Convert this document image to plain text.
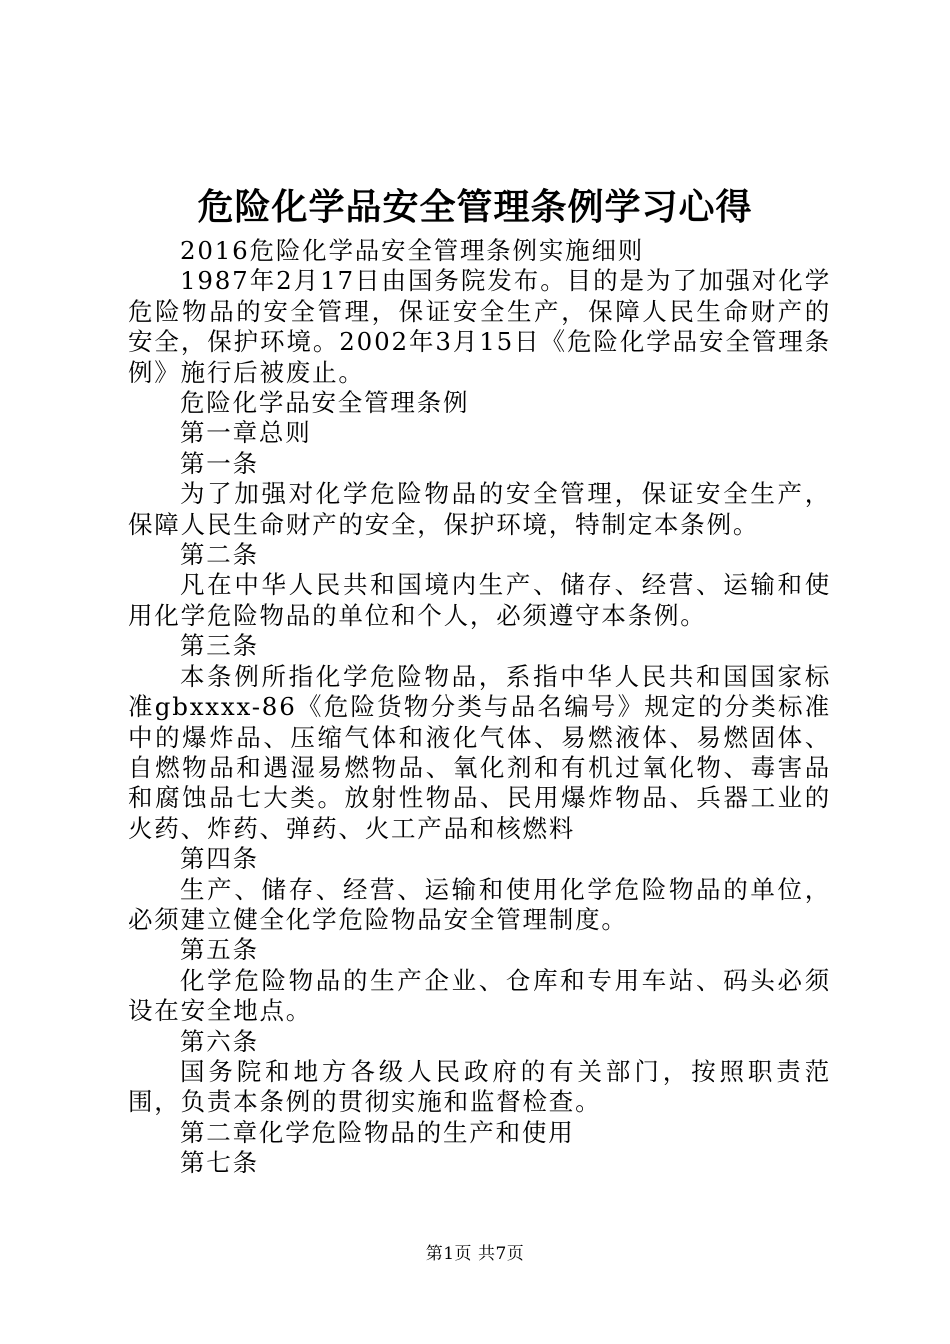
危险化学品安全管理条例学习心得

2016危险化学品安全管理条例实施细则

1987年2月17日由国务院发布。目的是为了加强对化学危险物品的安全管理，保证安全生产，保障人民生命财产的安全，保护环境。2002年3月15日《危险化学品安全管理条例》施行后被废止。

危险化学品安全管理条例

第一章总则

第一条

为了加强对化学危险物品的安全管理，保证安全生产，保障人民生命财产的安全，保护环境，特制定本条例。

第二条

凡在中华人民共和国境内生产、储存、经营、运输和使用化学危险物品的单位和个人，必须遵守本条例。

第三条

本条例所指化学危险物品，系指中华人民共和国国家标准gbxxxx-86《危险货物分类与品名编号》规定的分类标准中的爆炸品、压缩气体和液化气体、易燃液体、易燃固体、自燃物品和遇湿易燃物品、氧化剂和有机过氧化物、毒害品和腐蚀品七大类。放射性物品、民用爆炸物品、兵器工业的火药、炸药、弹药、火工产品和核燃料

第四条

生产、储存、经营、运输和使用化学危险物品的单位，必须建立健全化学危险物品安全管理制度。

第五条

化学危险物品的生产企业、仓库和专用车站、码头必须设在安全地点。

第六条

国务院和地方各级人民政府的有关部门，按照职责范围，负责本条例的贯彻实施和监督检查。

第二章化学危险物品的生产和使用

第七条

第1页 共7页
